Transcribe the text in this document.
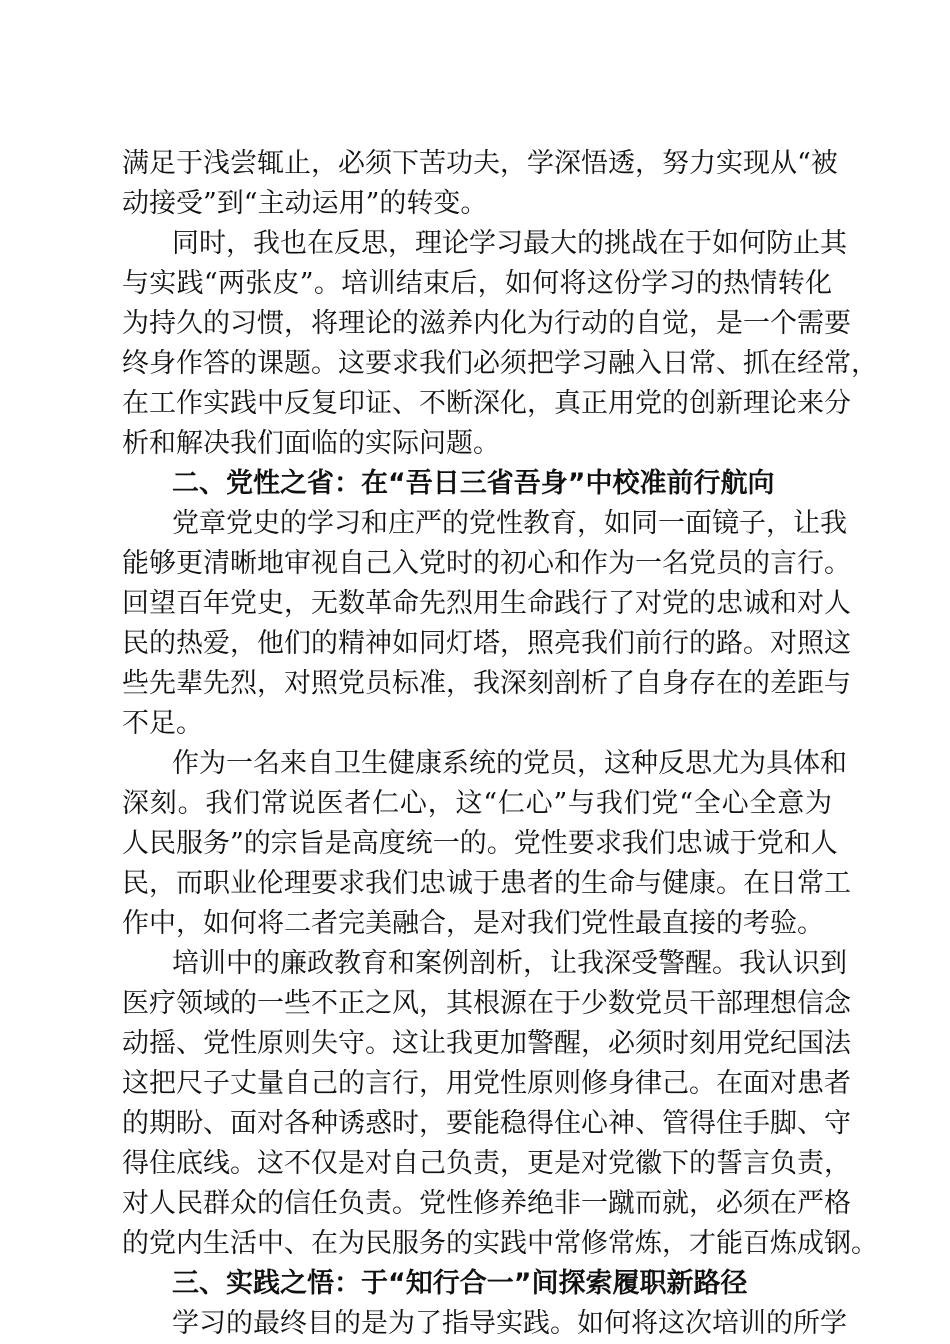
满足于浅尝辄止，必须下苦功夫，学深悟透，努力实现从“被
动接受”到“主动运用”的转变。
同时，我也在反思，理论学习最大的挑战在于如何防止其
与实践“两张皮”。培训结束后，如何将这份学习的热情转化
为持久的习惯，将理论的滋养内化为行动的自觉，是一个需要
终身作答的课题。这要求我们必须把学习融入日常、抓在经常，
在工作实践中反复印证、不断深化，真正用党的创新理论来分
析和解决我们面临的实际问题。
二、党性之省：在“吾日三省吾身”中校准前行航向
党章党史的学习和庄严的党性教育，如同一面镜子，让我
能够更清晰地审视自己入党时的初心和作为一名党员的言行。
回望百年党史，无数革命先烈用生命践行了对党的忠诚和对人
民的热爱，他们的精神如同灯塔，照亮我们前行的路。对照这
些先辈先烈，对照党员标准，我深刻剖析了自身存在的差距与
不足。
作为一名来自卫生健康系统的党员，这种反思尤为具体和
深刻。我们常说医者仁心，这“仁心”与我们党“全心全意为
人民服务”的宗旨是高度统一的。党性要求我们忠诚于党和人
民，而职业伦理要求我们忠诚于患者的生命与健康。在日常工
作中，如何将二者完美融合，是对我们党性最直接的考验。
培训中的廉政教育和案例剖析，让我深受警醒。我认识到
医疗领域的一些不正之风，其根源在于少数党员干部理想信念
动摇、党性原则失守。这让我更加警醒，必须时刻用党纪国法
这把尺子丈量自己的言行，用党性原则修身律己。在面对患者
的期盼、面对各种诱惑时，要能稳得住心神、管得住手脚、守
得住底线。这不仅是对自己负责，更是对党徽下的誓言负责，
对人民群众的信任负责。党性修养绝非一蹴而就，必须在严格
的党内生活中、在为民服务的实践中常修常炼，才能百炼成钢。
三、实践之悟：于“知行合一”间探索履职新路径
学习的最终目的是为了指导实践。如何将这次培训的所学
